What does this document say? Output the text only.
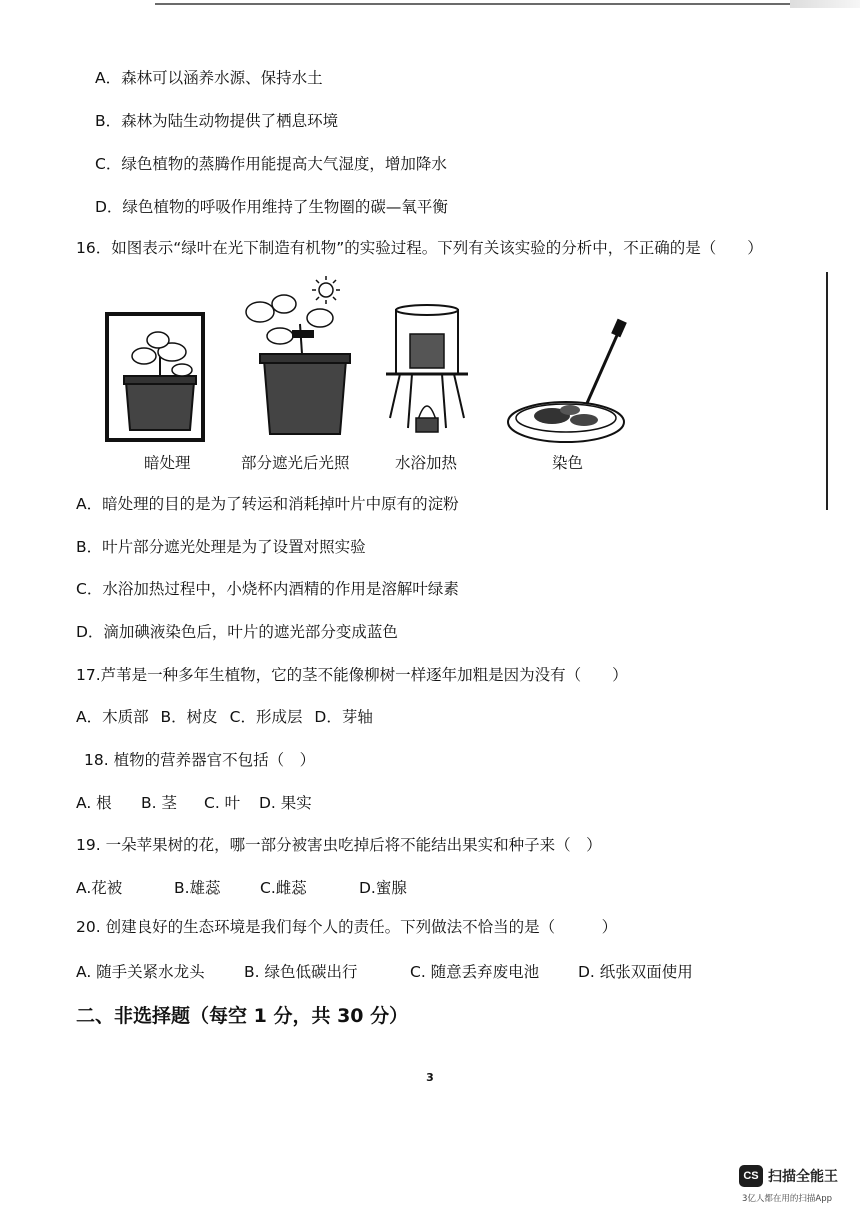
A．森林可以涵养水源、保持水土
B．森林为陆生动物提供了栖息环境
C．绿色植物的蒸腾作用能提高大气湿度，增加降水
D．绿色植物的呼吸作用维持了生物圈的碳—氧平衡
16．如图表示“绿叶在光下制造有机物”的实验过程。下列有关该实验的分析中，不正确的是（　　）
暗处理	部分遮光后光照	水浴加热	染色
A．暗处理的目的是为了转运和消耗掉叶片中原有的淀粉
B．叶片部分遮光处理是为了设置对照实验
C．水浴加热过程中，小烧杯内酒精的作用是溶解叶绿素
D．滴加碘液染色后，叶片的遮光部分变成蓝色
17.芦苇是一种多年生植物，它的茎不能像柳树一样逐年加粗是因为没有（　　）
A．木质部 B．树皮 C．形成层 D．芽轴
18. 植物的营养器官不包括（　）
A. 根 B. 茎 C. 叶 D. 果实
19. 一朵苹果树的花，哪一部分被害虫吃掉后将不能结出果实和种子来（　）
A.花被	B.雄蕊	C.雌蕊	D.蜜腺
20. 创建良好的生态环境是我们每个人的责任。下列做法不恰当的是（　　　）
A. 随手关紧水龙头	B. 绿色低碳出行	C. 随意丢弃废电池	D. 纸张双面使用
二、非选择题（每空 1 分，共 30 分）
3
CS 扫描全能王
3亿人都在用的扫描App
